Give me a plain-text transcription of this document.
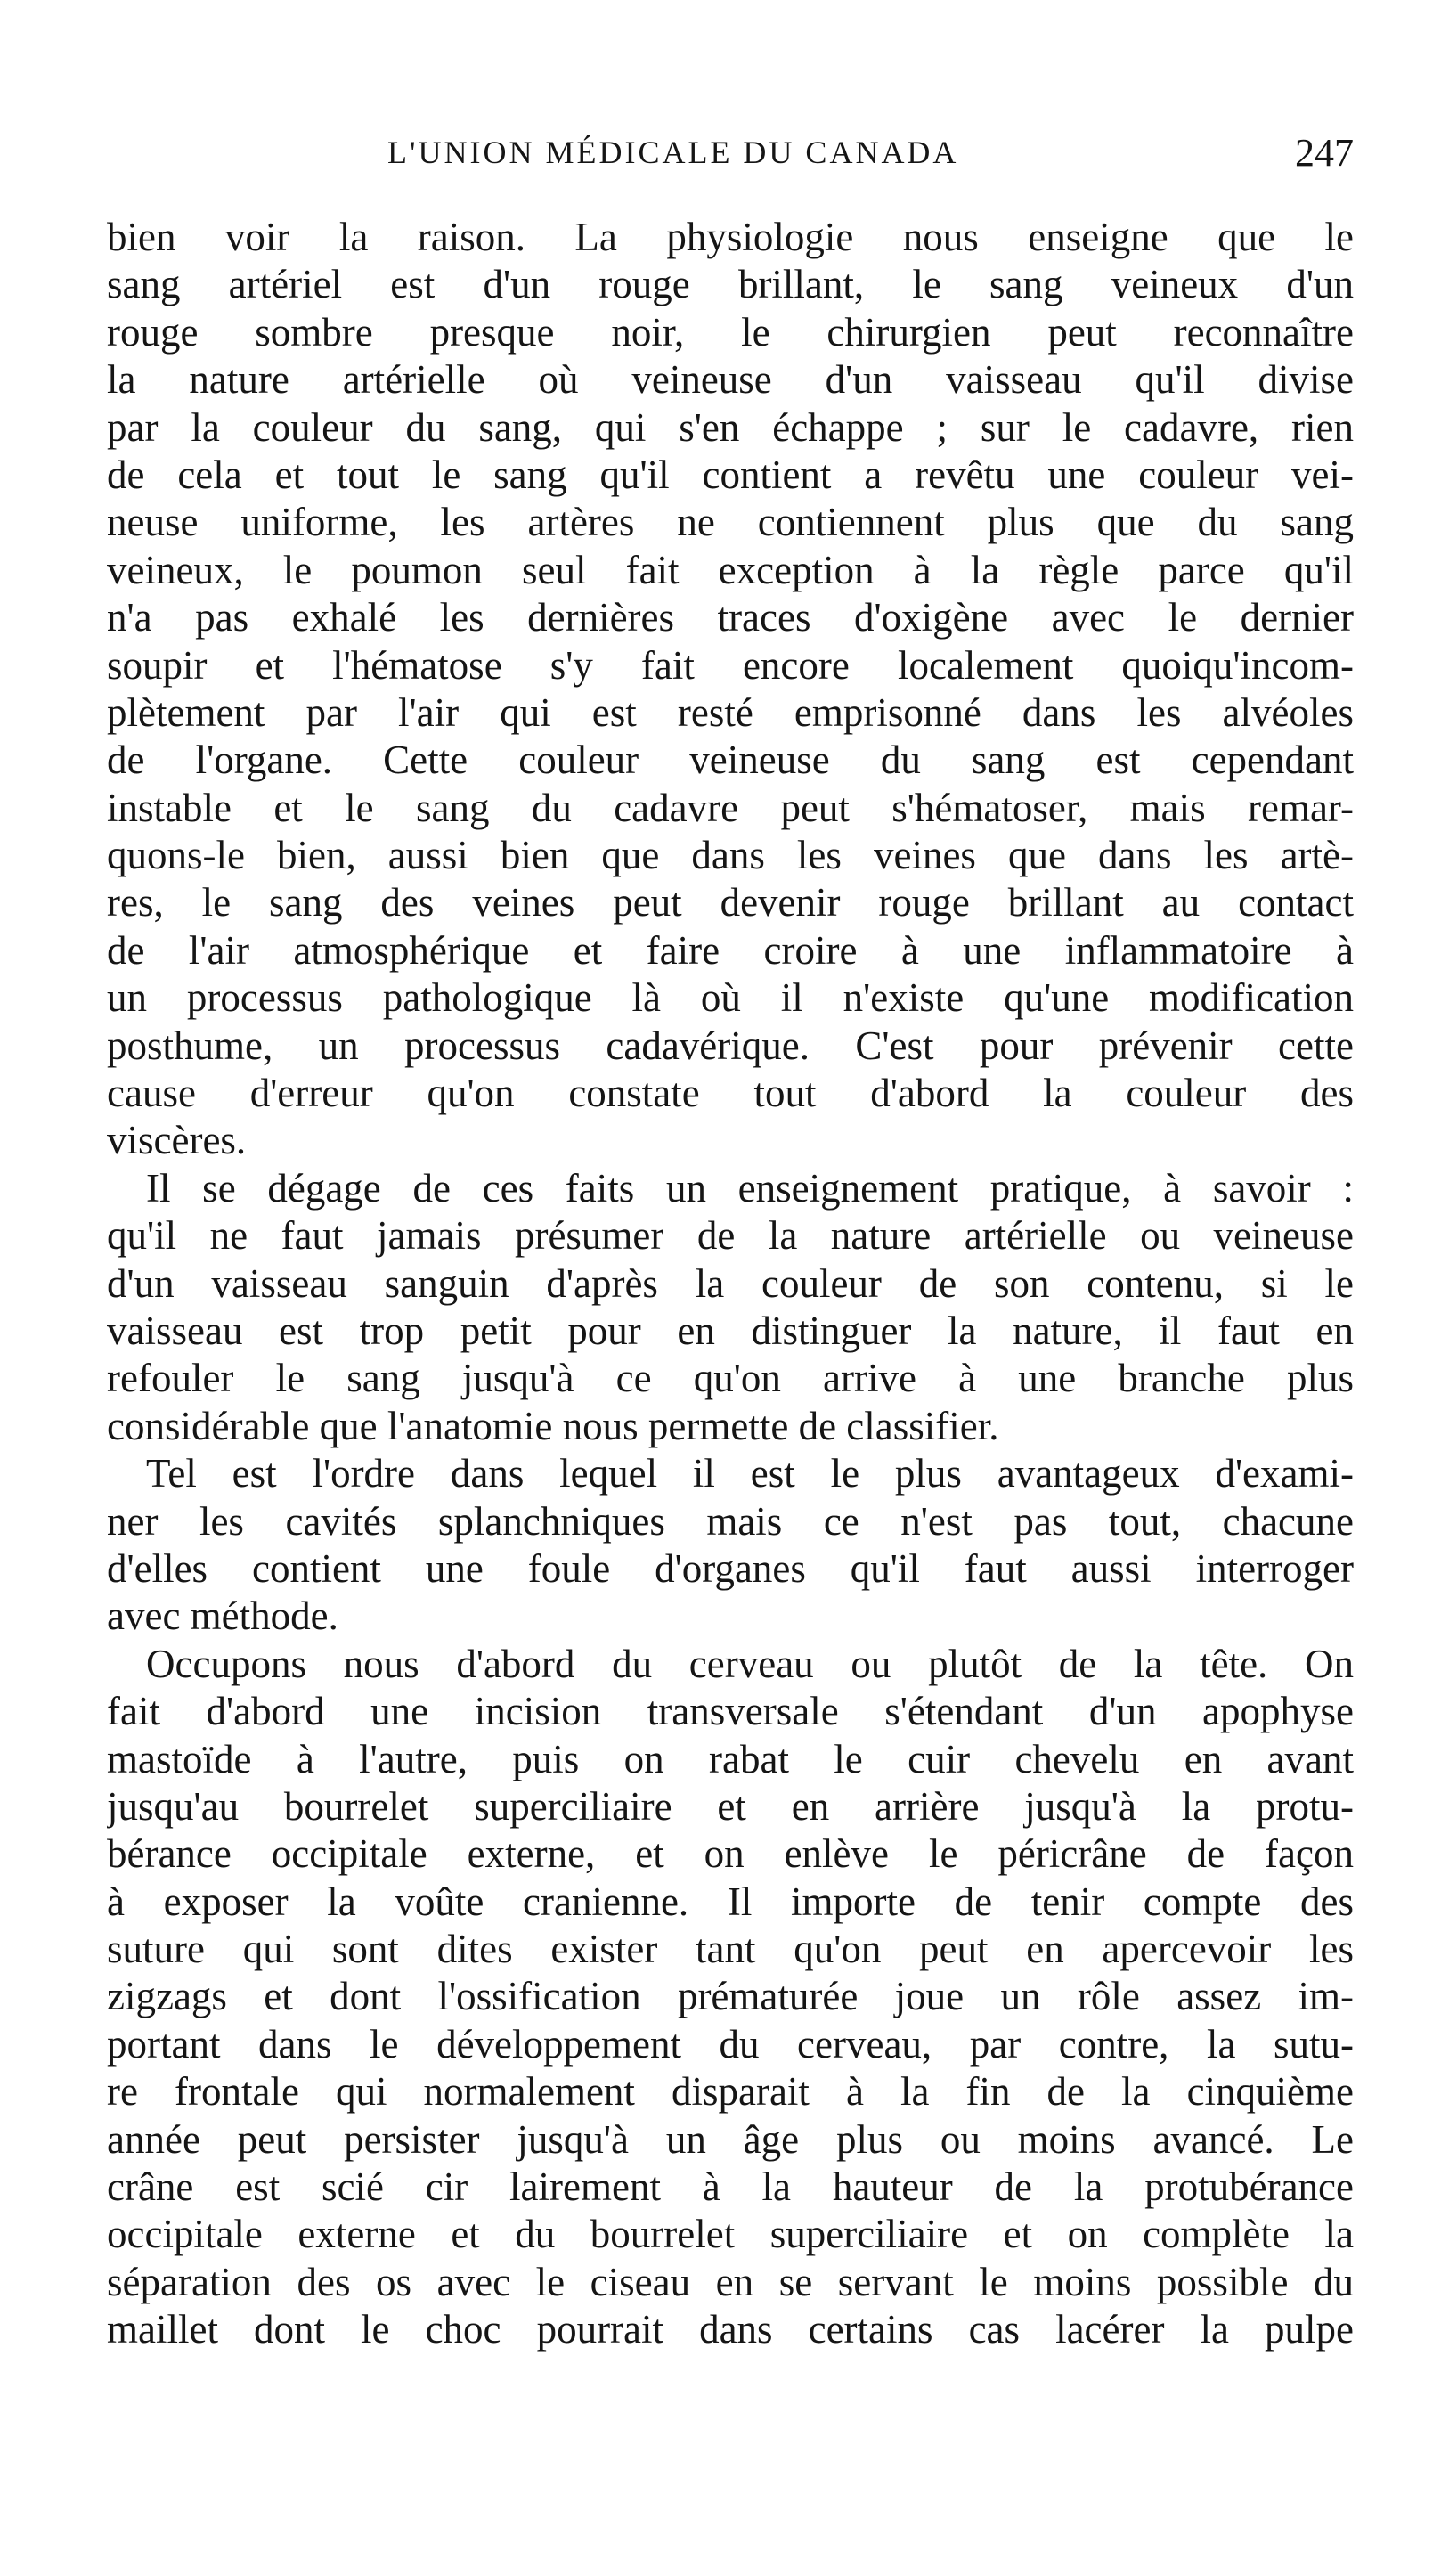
L'UNION MÉDICALE DU CANADA	247
bien voir la raison. La physiologie nous enseigne que le
sang artériel est d'un rouge brillant, le sang veineux d'un
rouge sombre presque noir, le chirurgien peut reconnaître
la nature artérielle où veineuse d'un vaisseau qu'il divise
par la couleur du sang, qui s'en échappe ; sur le cadavre, rien
de cela et tout le sang qu'il contient a revêtu une couleur vei-
neuse uniforme, les artères ne contiennent plus que du sang
veineux, le poumon seul fait exception à la règle parce qu'il
n'a pas exhalé les dernières traces d'oxigène avec le dernier
soupir et l'hématose s'y fait encore localement quoiqu'incom-
plètement par l'air qui est resté emprisonné dans les alvéoles
de l'organe. Cette couleur veineuse du sang est cependant
instable et le sang du cadavre peut s'hématoser, mais remar-
quons-le bien, aussi bien que dans les veines que dans les artè-
res, le sang des veines peut devenir rouge brillant au contact
de l'air atmosphérique et faire croire à une inflammatoire à
un processus pathologique là où il n'existe qu'une modification
posthume, un processus cadavérique. C'est pour prévenir cette
cause d'erreur qu'on constate tout d'abord la couleur des
viscères.
Il se dégage de ces faits un enseignement pratique, à savoir :
qu'il ne faut jamais présumer de la nature artérielle ou veineuse
d'un vaisseau sanguin d'après la couleur de son contenu, si le
vaisseau est trop petit pour en distinguer la nature, il faut en
refouler le sang jusqu'à ce qu'on arrive à une branche plus
considérable que l'anatomie nous permette de classifier.
Tel est l'ordre dans lequel il est le plus avantageux d'exami-
ner les cavités splanchniques mais ce n'est pas tout, chacune
d'elles contient une foule d'organes qu'il faut aussi interroger
avec méthode.
Occupons nous d'abord du cerveau ou plutôt de la tête. On
fait d'abord une incision transversale s'étendant d'un apophyse
mastoïde à l'autre, puis on rabat le cuir chevelu en avant
jusqu'au bourrelet superciliaire et en arrière jusqu'à la protu-
bérance occipitale externe, et on enlève le péricrâne de façon
à exposer la voûte cranienne. Il importe de tenir compte des
suture qui sont dites exister tant qu'on peut en apercevoir les
zigzags et dont l'ossification prématurée joue un rôle assez im-
portant dans le développement du cerveau, par contre, la sutu-
re frontale qui normalement disparait à la fin de la cinquième
année peut persister jusqu'à un âge plus ou moins avancé. Le
crâne est scié cir lairement à la hauteur de la protubérance
occipitale externe et du bourrelet superciliaire et on complète la
séparation des os avec le ciseau en se servant le moins possible du
maillet dont le choc pourrait dans certains cas lacérer la pulpe
